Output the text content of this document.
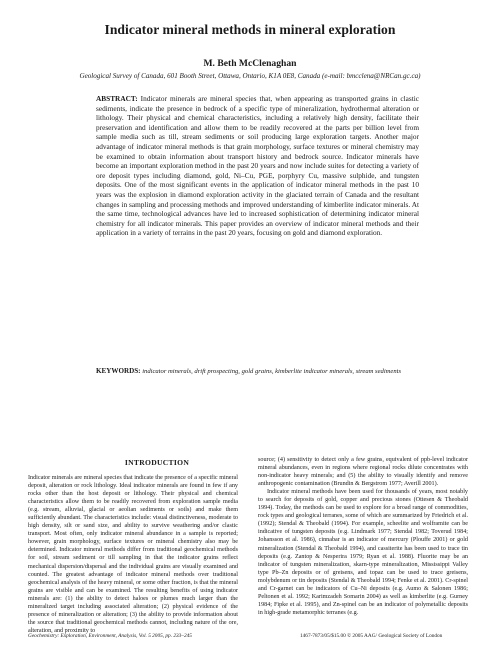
Indicator mineral methods in mineral exploration
M. Beth McClenaghan
Geological Survey of Canada, 601 Booth Street, Ottawa, Ontario, K1A 0E8, Canada (e-mail: bmcclena@NRCan.gc.ca)
ABSTRACT: Indicator minerals are mineral species that, when appearing as transported grains in clastic sediments, indicate the presence in bedrock of a specific type of mineralization, hydrothermal alteration or lithology. Their physical and chemical characteristics, including a relatively high density, facilitate their preservation and identification and allow them to be readily recovered at the parts per billion level from sample media such as till, stream sediments or soil producing large exploration targets. Another major advantage of indicator mineral methods is that grain morphology, surface textures or mineral chemistry may be examined to obtain information about transport history and bedrock source. Indicator minerals have become an important exploration method in the past 20 years and now include suites for detecting a variety of ore deposit types including diamond, gold, Ni–Cu, PGE, porphyry Cu, massive sulphide, and tungsten deposits. One of the most significant events in the application of indicator mineral methods in the past 10 years was the explosion in diamond exploration activity in the glaciated terrain of Canada and the resultant changes in sampling and processing methods and improved understanding of kimberlite indicator minerals. At the same time, technological advances have led to increased sophistication of determining indicator mineral chemistry for all indicator minerals. This paper provides an overview of indicator mineral methods and their application in a variety of terrains in the past 20 years, focusing on gold and diamond exploration.
KEYWORDS: indicator minerals, drift prospecting, gold grains, kimberlite indicator minerals, stream sediments
INTRODUCTION

Indicator minerals are mineral species that indicate the presence of a specific mineral deposit, alteration or rock lithology. Ideal indicator minerals are found in few if any rocks other than the host deposit or lithology. Their physical and chemical characteristics allow them to be readily recovered from exploration sample media (e.g. stream, alluvial, glacial or aeolian sediments or soils) and make them sufficiently abundant. The characteristics include: visual distinctiveness, moderate to high density, silt or sand size, and ability to survive weathering and/or clastic transport. Most often, only indicator mineral abundance in a sample is reported; however, grain morphology, surface textures or mineral chemistry also may be determined. Indicator mineral methods differ from traditional geochemical methods for soil, stream sediment or till sampling in that the indicator grains reflect mechanical dispersion/dispersal and the individual grains are visually examined and counted. The greatest advantage of indicator mineral methods over traditional geochemical analysis of the heavy mineral, or some other fraction, is that the mineral grains are visible and can be examined. The resulting benefits of using indicator minerals are: (1) the ability to detect haloes or plumes much larger than the mineralized target including associated alteration; (2) physical evidence of the presence of mineralization or alteration; (3) the ability to provide information about the source that traditional geochemical methods cannot, including nature of the ore, alteration, and proximity to

source; (4) sensitivity to detect only a few grains, equivalent of ppb-level indicator mineral abundances, even in regions where regional rocks dilute concentrates with non-indicator heavy minerals; and (5) the ability to visually identify and remove anthropogenic contamination (Brundin & Bergstrom 1977; Averill 2001).

Indicator mineral methods have been used for thousands of years, most notably to search for deposits of gold, copper and precious stones (Ottesen & Theobald 1994). Today, the methods can be used to explore for a broad range of commodities, rock types and geological terranes, some of which are summarized by Friedrich et al. (1992); Stendal & Theobald (1994). For example, scheelite and wolframite can be indicative of tungsten deposits (e.g. Lindmark 1977; Stendal 1982; Toverud 1984; Johansson et al. 1986), cinnabar is an indicator of mercury (Plouffe 2001) or gold mineralization (Stendal & Theobald 1994), and cassiterite has been used to trace tin deposits (e.g. Zantop & Nesperira 1979; Ryan et al. 1988). Fluorite may be an indicator of tungsten mineralization, skarn-type mineralization, Mississippi Valley type Pb–Zn deposits or of greisens, and topaz can be used to trace greisens, molybdenum or tin deposits (Stendal & Theobald 1994; Fenke et al. 2001). Cr-spinel and Cr-garnet can be indicators of Cu–Ni deposits (e.g. Aumo & Salonen 1986; Peltonen et al. 1992; Karimzadeh Somarin 2004) as well as kimberlite (e.g. Gurney 1984; Fipke et al. 1995), and Zn-spinel can be an indicator of polymetallic deposits in high-grade metamorphic terranes (e.g.

Geochemistry: Exploration, Environment, Analysis, Vol. 5 2005, pp. 233–245	1467-7873/05/$15.00 © 2005 AAG/ Geological Society of London
